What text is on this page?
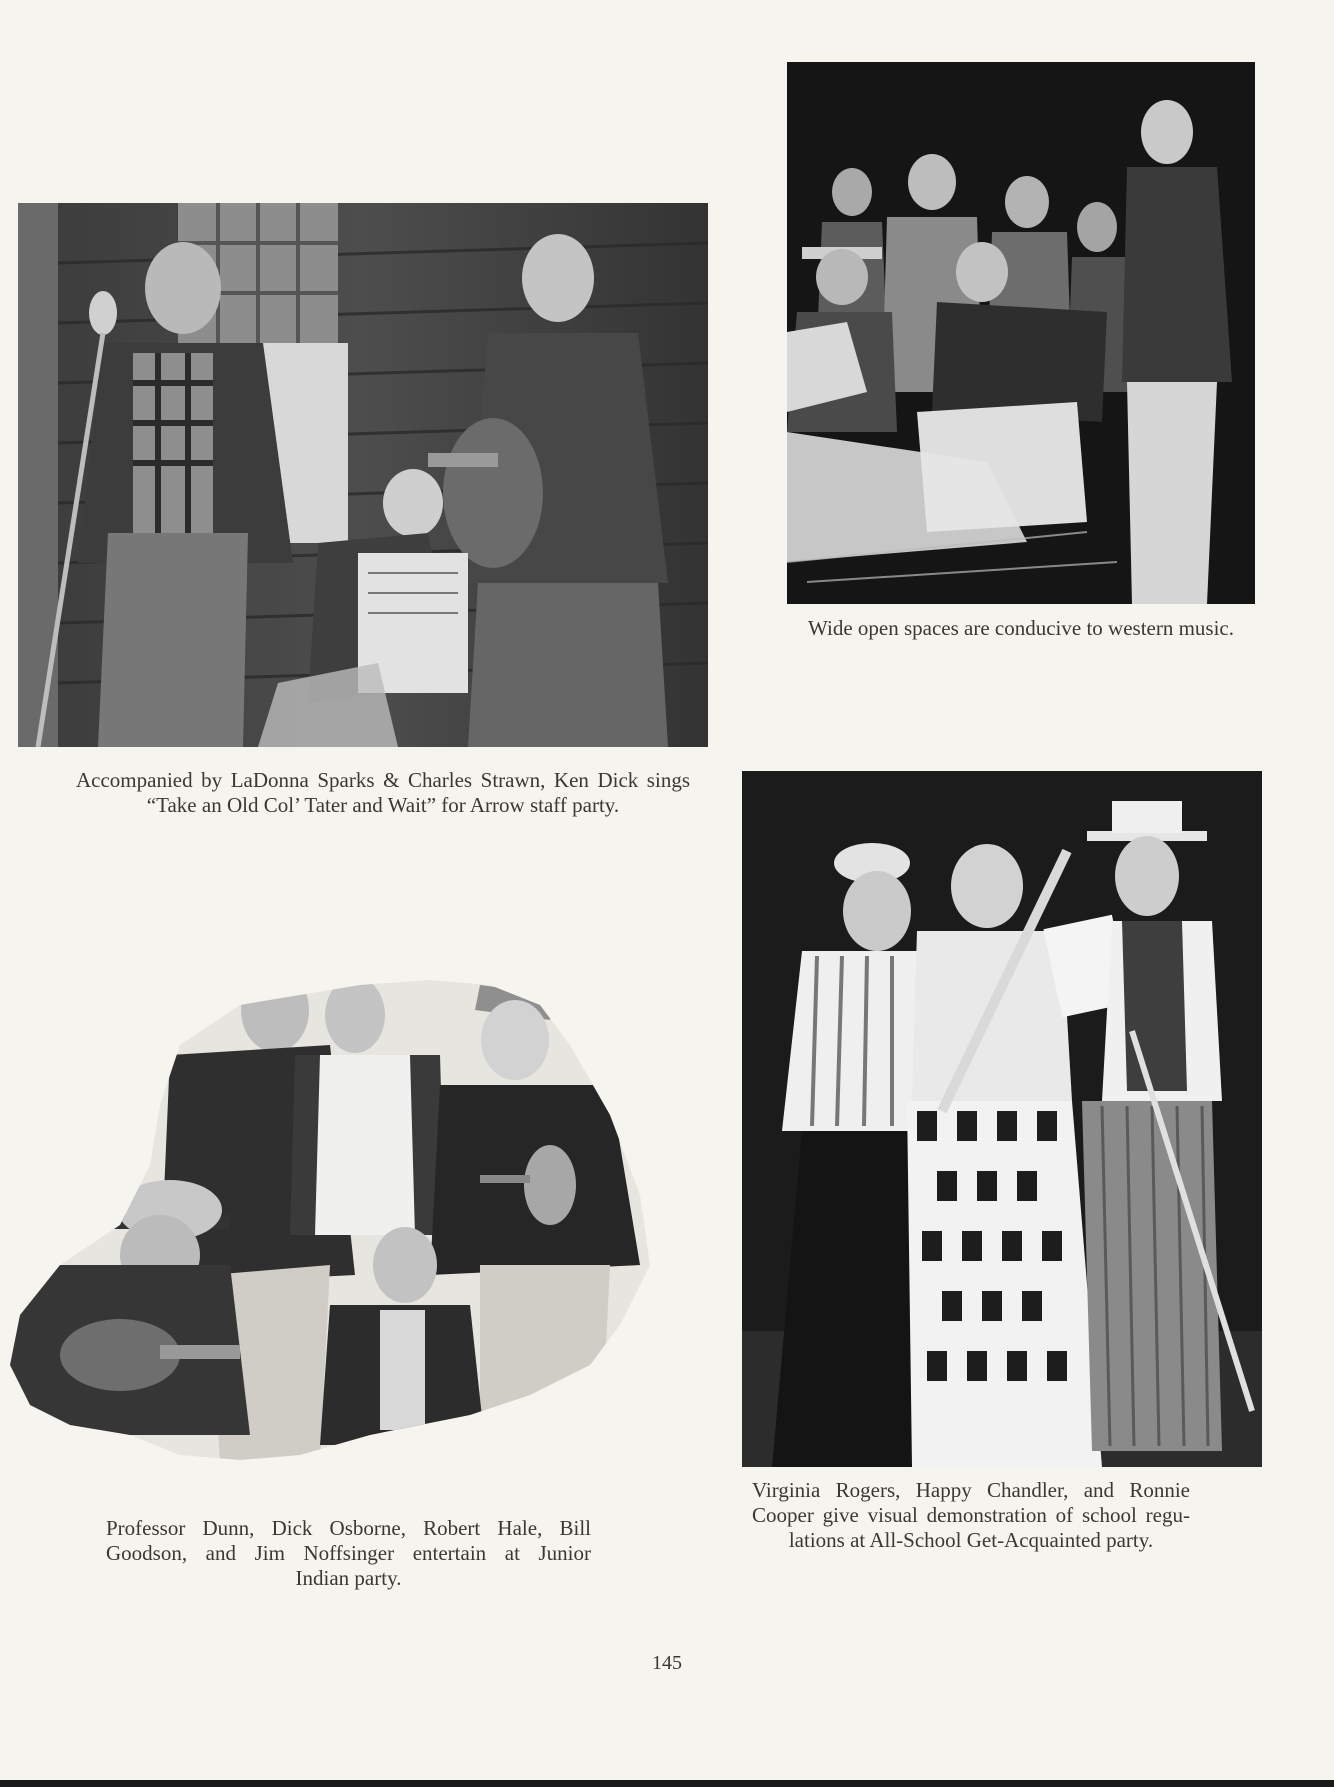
Accompanied by LaDonna Sparks & Charles Strawn, Ken Dick sings
“Take an Old Col’ Tater and Wait” for Arrow staff party.
Wide open spaces are conducive to western music.
Professor Dunn, Dick Osborne, Robert Hale, Bill
Goodson, and Jim Noffsinger entertain at Junior
Indian party.
Virginia Rogers, Happy Chandler, and Ronnie
Cooper give visual demonstration of school regu-
lations at All-School Get-Acquainted party.
145
